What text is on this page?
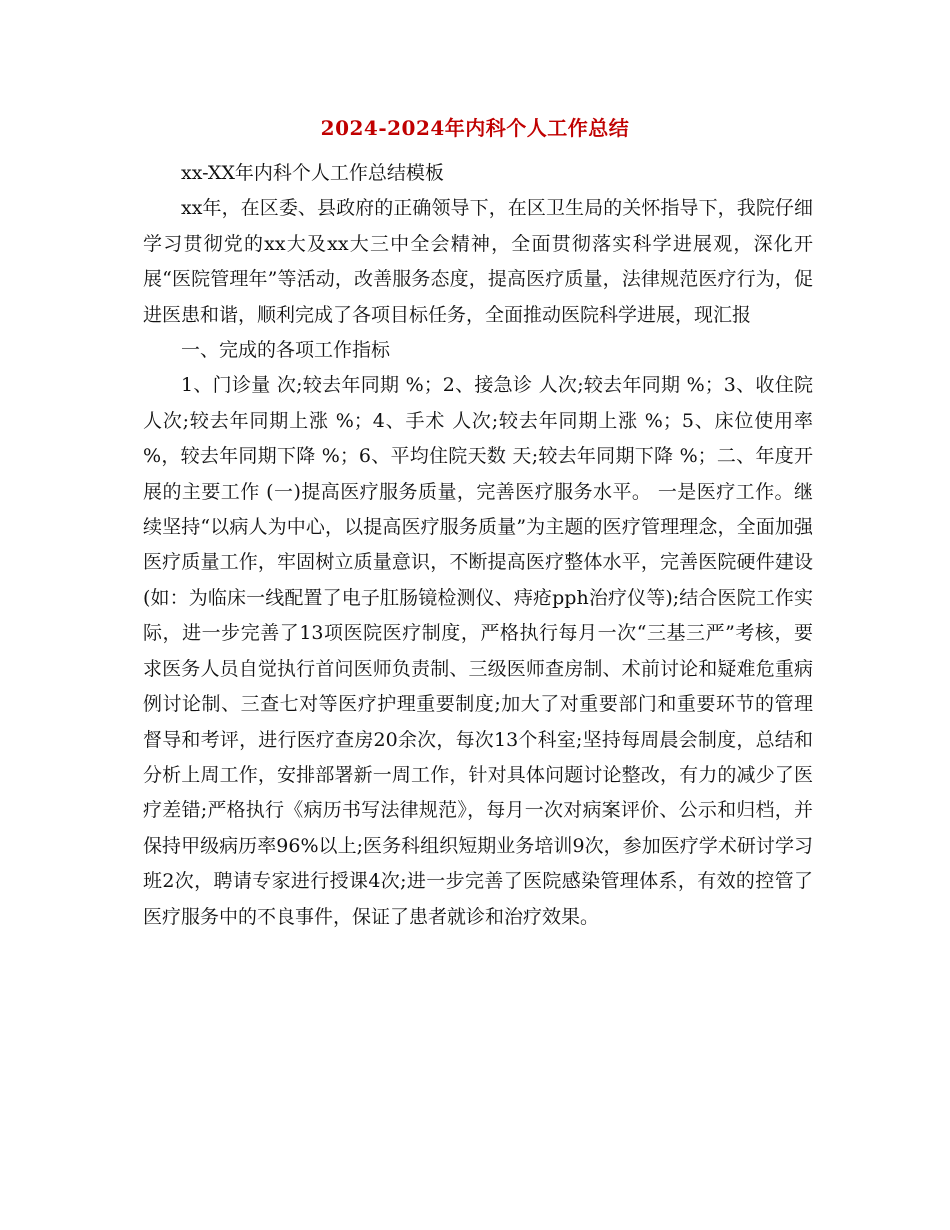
2024-2024年内科个人工作总结

xx-XX年内科个人工作总结模板

xx年，在区委、县政府的正确领导下，在区卫生局的关怀指导下，我院仔细学习贯彻党的xx大及xx大三中全会精神，全面贯彻落实科学进展观，深化开展“医院管理年”等活动，改善服务态度，提高医疗质量，法律规范医疗行为，促进医患和谐，顺利完成了各项目标任务，全面推动医院科学进展，现汇报

一、完成的各项工作指标

1、门诊量 次;较去年同期 %；2、接急诊 人次;较去年同期 %；3、收住院 人次;较去年同期上涨 %；4、手术 人次;较去年同期上涨 %；5、床位使用率 %，较去年同期下降 %；6、平均住院天数 天;较去年同期下降 %；二、年度开展的主要工作 (一)提高医疗服务质量，完善医疗服务水平。 一是医疗工作。继续坚持“以病人为中心，以提高医疗服务质量”为主题的医疗管理理念，全面加强医疗质量工作，牢固树立质量意识，不断提高医疗整体水平，完善医院硬件建设(如：为临床一线配置了电子肛肠镜检测仪、痔疮pph治疗仪等);结合医院工作实际，进一步完善了13项医院医疗制度，严格执行每月一次“三基三严”考核，要求医务人员自觉执行首问医师负责制、三级医师查房制、术前讨论和疑难危重病例讨论制、三查七对等医疗护理重要制度;加大了对重要部门和重要环节的管理督导和考评，进行医疗查房20余次，每次13个科室;坚持每周晨会制度，总结和分析上周工作，安排部署新一周工作，针对具体问题讨论整改，有力的减少了医疗差错;严格执行《病历书写法律规范》，每月一次对病案评价、公示和归档，并保持甲级病历率96%以上;医务科组织短期业务培训9次，参加医疗学术研讨学习班2次，聘请专家进行授课4次;进一步完善了医院感染管理体系，有效的控管了医疗服务中的不良事件，保证了患者就诊和治疗效果。
